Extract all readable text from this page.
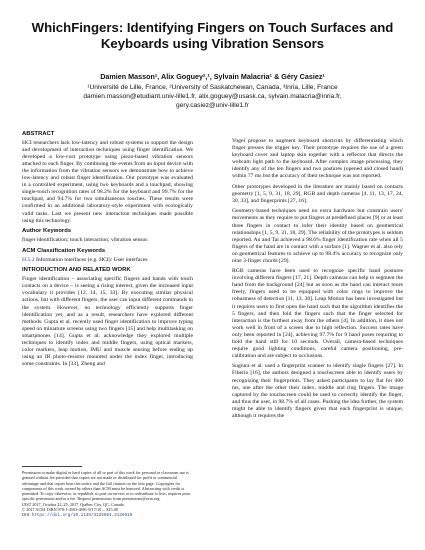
WhichFingers: Identifying Fingers on Touch Surfaces and
Keyboards using Vibration Sensors
Damien Masson¹, Alix Goguey²,¹, Sylvain Malacria¹ & Géry Casiez¹
¹Université de Lille, France, ²University of Saskatchewan, Canada, ³Inria, Lille, France
damien.masson@etudiant.univ-lille1.fr, alix.goguey@usask.ca, sylvain.malacria@inria.fr,
gery.casiez@univ-lille1.fr
ABSTRACT

HCI researchers lack low-latency and robust systems to support the design and development of interaction techniques using finger identification. We developed a low-cost prototype using piezo-based vibration sensors attached to each finger. By combining the events from an input device with the information from the vibration sensors we demonstrate how to achieve low-latency and robust finger identification. Our prototype was evaluated in a controlled experiment, using two keyboards and a touchpad, showing single-touch recognition rates of 98.2% for the keyboard and 99.7% for the touchpad, and 94.7% for two simultaneous touches. These results were confirmed in an additional laboratory-style experiment with ecologically valid tasks. Last we present new interaction techniques made possible using this technology.

Author Keywords

finger identification; touch interaction; vibration sensor.

ACM Classification Keywords

H.5.2 Information interfaces (e.g. HCI): User interfaces

INTRODUCTION AND RELATED WORK

Finger identification – associating specific fingers and hands with touch contacts on a device – is seeing a rising interest, given the increased input vocabulary it provides [12, 14, 15, 33]. By executing similar physical actions, but with different fingers, the user can input different commands to the system. However, no technology efficiently supports finger identification yet, and as a result, researchers have explored different methods. Gupta et al. recently used finger identification to improve typing speed on miniature screens using two fingers [15] and help multitasking on smartphones [14]. Gupta et al. acknowledge they explored multiple techniques to identify index and middle fingers, using optical markers, color markers, leap motion, IMU and muscle sensing before ending up using an IR photo-resistor mounted under the index finger, introducing some constraints. In [33], Zheng and

Permission to make digital or hard copies of all or part of this work for personal or classroom use is granted without fee provided that copies are not made or distributed for profit or commercial advantage and that copies bear this notice and the full citation on the first page. Copyrights for components of this work owned by others than ACM must be honored. Abstracting with credit is permitted. To copy otherwise, or republish, to post on servers or to redistribute to lists, requires prior specific permission and/or a fee. Request permissions from permissions@acm.org.
UIST 2017, October 22–25, 2017, Québec City, QC, Canada
© 2017 ACM. ISBN 978-1-4503-4981-9/17/10 ... $15.00
DOI: https://doi.org/10.1145/3126594.3126619

Vogel propose to augment keyboard shortcuts by differentiating which finger presses the trigger key. Their prototype requires the use of a green keyboard cover and laptop skin together with a reflector that directs the webcam light path to the keyboard. After complex image processing, they identify any of the ten fingers and two postures (opened and closed hand) within 77 ms but the accuracy of their technique was not reported.

Other prototypes developed in the literature are mainly based on contacts geometry [1, 5, 9, 31, 18, 29], RGB and depth cameras [4, 11, 13, 17, 24, 30, 33], and fingerprints [27, 16].

Geometry-based techniques need no extra hardware but constrain users' movements as they require to put fingers at predefined places [9] or at least three fingers in contact to infer their identity based on geometrical relationships [1, 5, 9, 31, 18, 29]. The reliability of the prototypes is seldom reported. Au and Tai achieved a 98.6% finger identification rate when all 5 fingers of the hand are in contact with a surface [1]. Wagner et al. also rely on geometrical features to achieve up to 98.4% accuracy to recognize only nine 3-finger chords [29].

RGB cameras have been used to recognize specific hand postures involving different fingers [17, 21]. Depth cameras can help to segment the hand from the background [24] but as soon as the hand can interact more freely, fingers need to be equipped with color rings to improve the robustness of detection [11, 13, 30]. Leap Motion has been investigated but it requires users to first open the hand such that the algorithm identifies the 5 fingers, and then fold the fingers such that the finger selected for interaction is the furthest away from the others [4]. In addition, it does not work well in front of a screen due to high reflection. Success rates have only been reported in [24], achieving 97.7% for 9 hand poses requiring to hold the hand still for 10 seconds. Overall, camera-based techniques require good lighting conditions, careful camera positioning, pre-calibration and are subject to occlusions.

Sugiura et al. used a fingerprint scanner to identify single fingers [27]. In Fiberio [16], the authors designed a touchscreen able to identify users by recognizing their fingerprints. They asked participants to lay flat for 400 ms, one after the other their index, middle and ring fingers. The image captured by the touchscreen could be used to correctly identify the finger, and thus the user, in 98.7% of all cases. Pushing the idea further, the system might be able to identify fingers given that each fingerprint is unique, although it requires the
